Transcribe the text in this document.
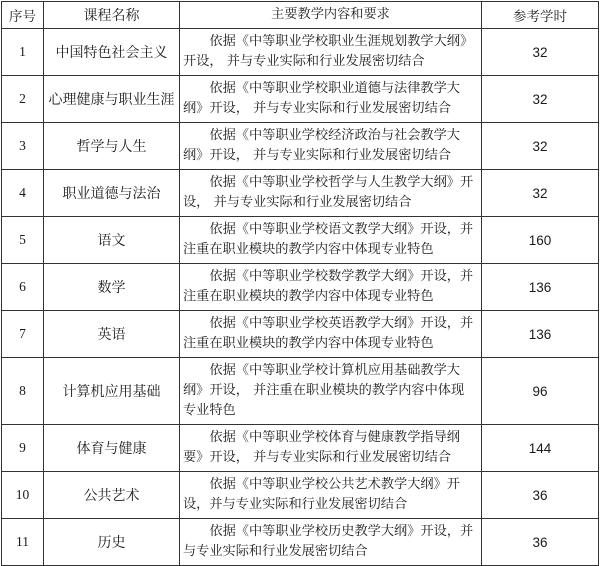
序号	课程名称	主要教学内容和要求	参考学时
1	中国特色社会主义	依据《中等职业学校职业生涯规划教学大纲》开设， 并与专业实际和行业发展密切结合	32
2	心理健康与职业生涯	依据《中等职业学校职业道德与法律教学大纲》开设， 并与专业实际和行业发展密切结合	32
3	哲学与人生	依据《中等职业学校经济政治与社会教学大纲》开设， 并与专业实际和行业发展密切结合	32
4	职业道德与法治	依据《中等职业学校哲学与人生教学大纲》开设， 并与专业实际和行业发展密切结合	32
5	语文	依据《中等职业学校语文教学大纲》开设，并注重在职业模块的教学内容中体现专业特色	160
6	数学	依据《中等职业学校数学教学大纲》开设，并注重在职业模块的教学内容中体现专业特色	136
7	英语	依据《中等职业学校英语教学大纲》开设，并注重在职业模块的教学内容中体现专业特色	136
8	计算机应用基础	依据《中等职业学校计算机应用基础教学大纲》开设， 并注重在职业模块的教学内容中体现专业特色	96
9	体育与健康	依据《中等职业学校体育与健康教学指导纲要》开设， 并与专业实际和行业发展密切结合	144
10	公共艺术	依据《中等职业学校公共艺术教学大纲》开设，并与专业实际和行业发展密切结合	36
11	历史	依据《中等职业学校历史教学大纲》开设，并与专业实际和行业发展密切结合	36
